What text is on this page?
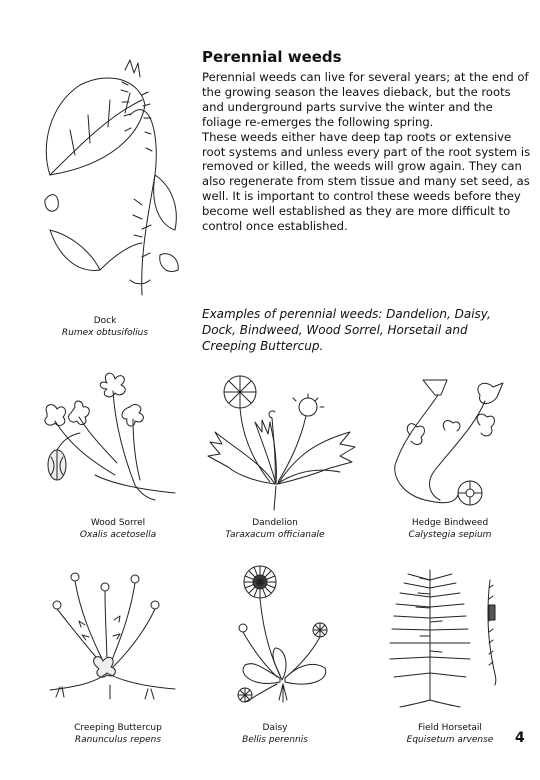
Perennial weeds

Perennial weeds can live for several years; at the end of the growing season the leaves dieback, but the roots and underground parts survive the winter and the foliage re-emerges the following spring.

These weeds either have deep tap roots or extensive root systems and unless every part of the root system is removed or killed, the weeds will grow again. They can also regenerate from stem tissue and many set seed, as well. It is important to control these weeds before they become well established as they are more difficult to control once established.

Examples of perennial weeds: Dandelion, Daisy, Dock, Bindweed, Wood Sorrel, Horsetail and Creeping Buttercup.

Dock
Rumex obtusifolius
Wood Sorrel
Oxalis acetosella
Dandelion
Taraxacum officianale
Hedge Bindweed
Calystegia sepium
Creeping Buttercup
Ranunculus repens
Daisy
Bellis perennis
Field Horsetail
Equisetum arvense	4
